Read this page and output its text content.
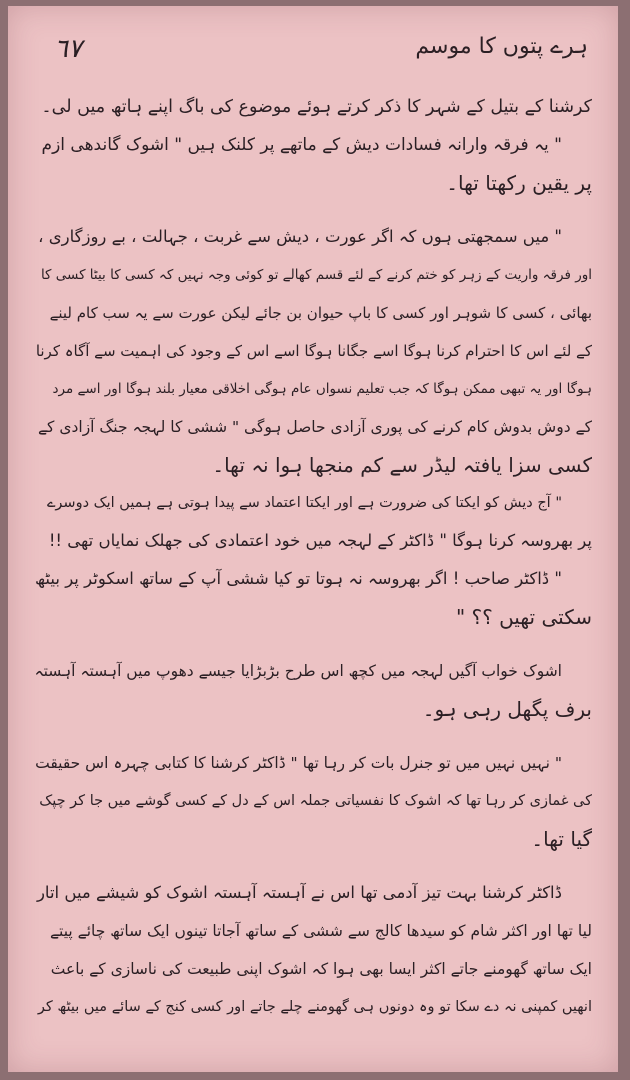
٦٧	ہرے پتوں کا موسم
کرشنا کے بتیل کے شہر کا ذکر کرتے ہوئے موضوع کی باگ اپنے ہاتھ میں لی۔
" یہ فرقہ وارانہ فسادات دیش کے ماتھے پر کلنک ہیں " اشوک گاندھی ازم
پر یقین رکھتا تھا۔
" میں سمجھتی ہوں کہ اگر عورت ، دیش سے غربت ، جہالت ، بے روزگاری ،
اور فرقہ واریت کے زہر کو ختم کرنے کے لئے قسم کھالے تو کوئی وجہ نہیں کہ کسی کا بیٹا کسی کا
بھائی ، کسی کا شوہر اور کسی کا باپ حیوان بن جائے لیکن عورت سے یہ سب کام لینے
کے لئے اس کا احترام کرنا ہوگا اسے جگانا ہوگا اسے اس کے وجود کی اہمیت سے آگاہ کرنا
ہوگا اور یہ تبھی ممکن ہوگا کہ جب تعلیم نسواں عام ہوگی اخلاقی معیار بلند ہوگا اور اسے مرد
کے دوش بدوش کام کرنے کی پوری آزادی حاصل ہوگی " ششی کا لہجہ جنگ آزادی کے
کسی سزا یافتہ لیڈر سے کم منجھا ہوا نہ تھا۔
" آج دیش کو ایکتا کی ضرورت ہے اور ایکتا اعتماد سے پیدا ہوتی ہے ہمیں ایک دوسرے
پر بھروسہ کرنا ہوگا " ڈاکٹر کے لہجہ میں خود اعتمادی کی جھلک نمایاں تھی !!
" ڈاکٹر صاحب ! اگر بھروسہ نہ ہوتا تو کیا ششی آپ کے ساتھ اسکوٹر پر بیٹھ
سکتی تھیں ؟؟ "
اشوک خواب آگیں لہجہ میں کچھ اس طرح بڑبڑایا جیسے دھوپ میں آہستہ آہستہ
برف پگھل رہی ہو۔
" نہیں نہیں میں تو جنرل بات کر رہا تھا " ڈاکٹر کرشنا کا کتابی چہرہ اس حقیقت
کی غمازی کر رہا تھا کہ اشوک کا نفسیاتی جملہ اس کے دل کے کسی گوشے میں جا کر چپک
گیا تھا۔
ڈاکٹر کرشنا بہت تیز آدمی تھا اس نے آہستہ آہستہ اشوک کو شیشے میں اتار
لیا تھا اور اکثر شام کو سیدھا کالج سے ششی کے ساتھ آجاتا تینوں ایک ساتھ چائے پیتے
ایک ساتھ گھومنے جاتے اکثر ایسا بھی ہوا کہ اشوک اپنی طبیعت کی ناسازی کے باعث
انھیں کمپنی نہ دے سکا تو وہ دونوں ہی گھومنے چلے جاتے اور کسی کنج کے سائے میں بیٹھ کر
